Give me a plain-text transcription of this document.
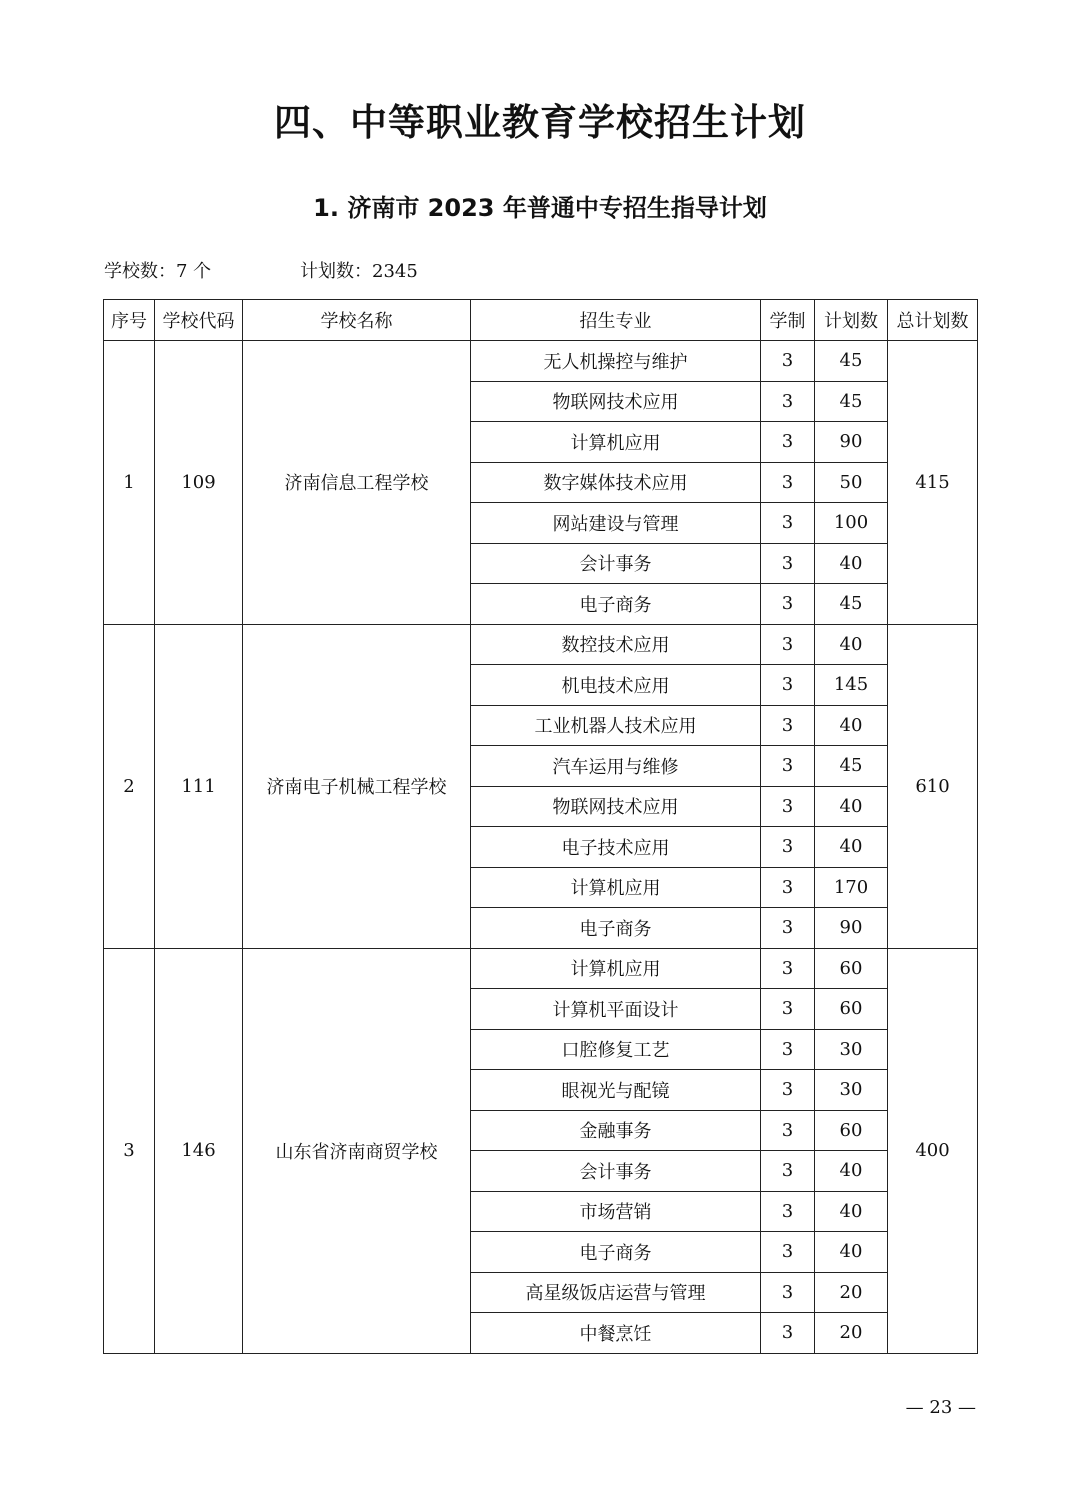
四、中等职业教育学校招生计划
1. 济南市 2023 年普通中专招生指导计划
学校数：7 个	计划数：2345
序号	学校代码	学校名称	招生专业	学制	计划数	总计划数
1	109	济南信息工程学校	无人机操控与维护	3	45	415
			物联网技术应用	3	45	
			计算机应用	3	90	
			数字媒体技术应用	3	50	
			网站建设与管理	3	100	
			会计事务	3	40	
			电子商务	3	45	
2	111	济南电子机械工程学校	数控技术应用	3	40	610
			机电技术应用	3	145	
			工业机器人技术应用	3	40	
			汽车运用与维修	3	45	
			物联网技术应用	3	40	
			电子技术应用	3	40	
			计算机应用	3	170	
			电子商务	3	90	
3	146	山东省济南商贸学校	计算机应用	3	60	400
			计算机平面设计	3	60	
			口腔修复工艺	3	30	
			眼视光与配镜	3	30	
			金融事务	3	60	
			会计事务	3	40	
			市场营销	3	40	
			电子商务	3	40	
			高星级饭店运营与管理	3	20	
			中餐烹饪	3	20	
— 23 —
